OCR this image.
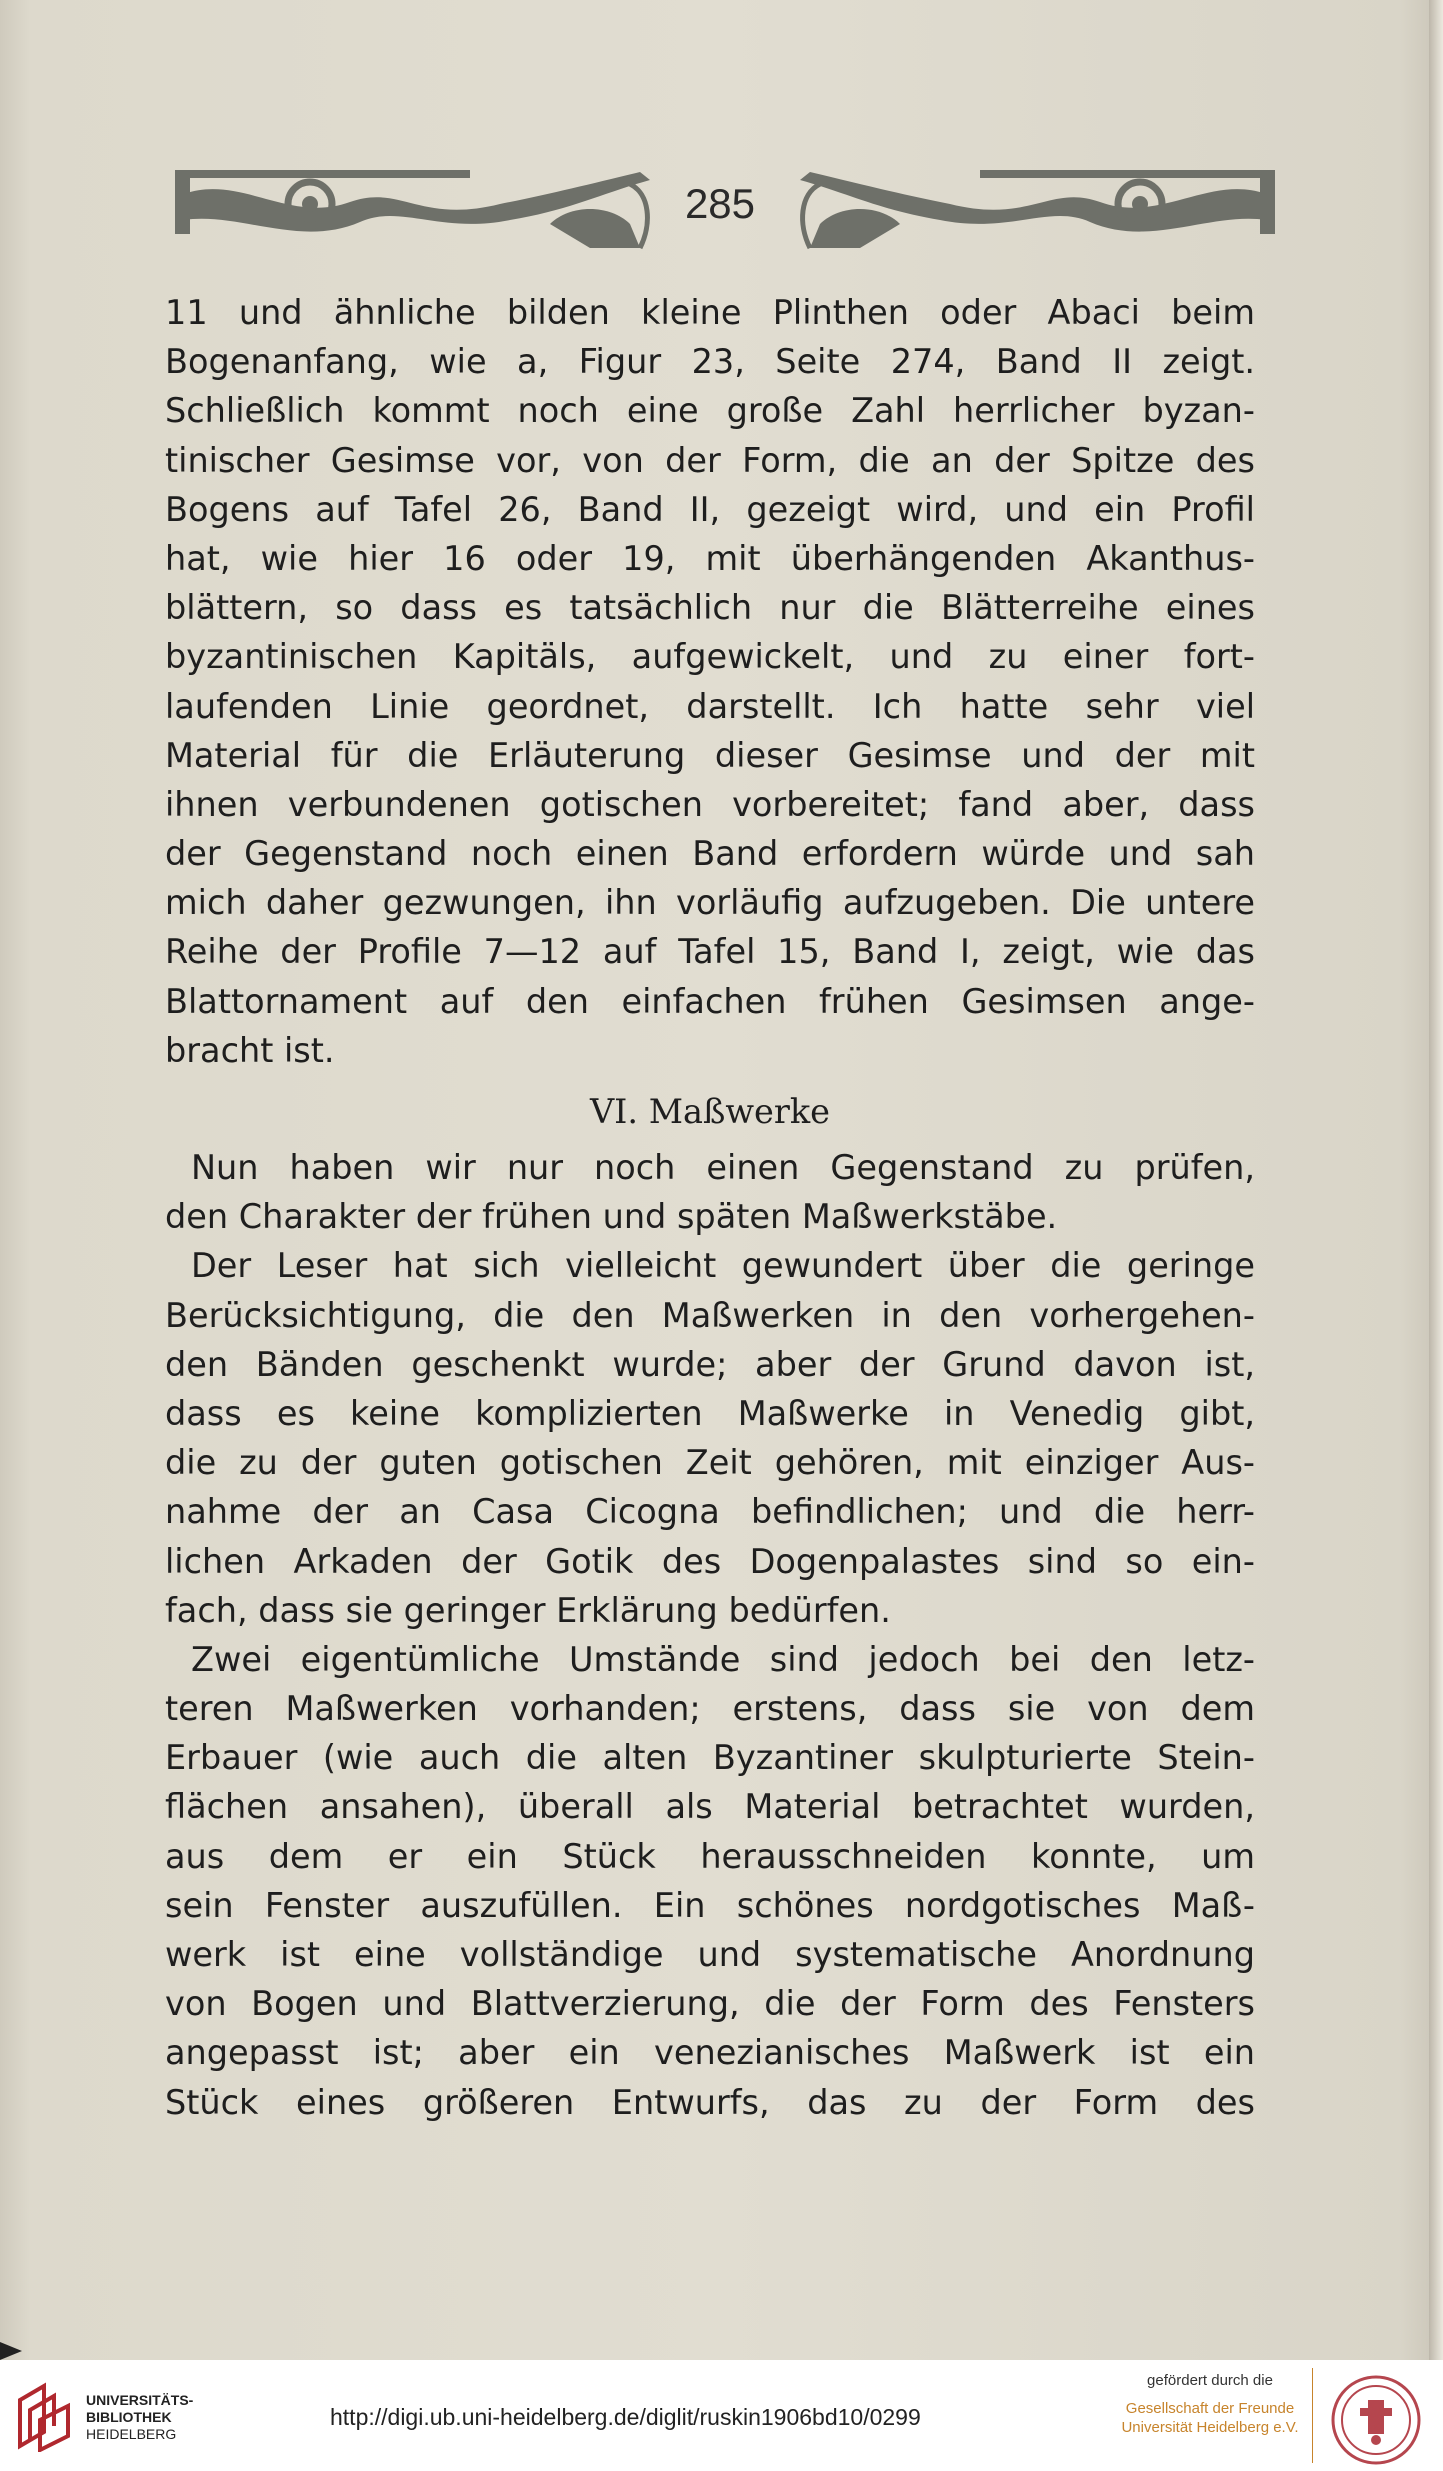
285
11 und ähnliche bilden kleine Plinthen oder Abaci beim
Bogenanfang, wie a, Figur 23, Seite 274, Band II zeigt.
Schließlich kommt noch eine große Zahl herrlicher byzan-
tinischer Gesimse vor, von der Form, die an der Spitze des
Bogens auf Tafel 26, Band II, gezeigt wird, und ein Profil
hat, wie hier 16 oder 19, mit überhängenden Akanthus-
blättern, so dass es tatsächlich nur die Blätterreihe eines
byzantinischen Kapitäls, aufgewickelt, und zu einer fort-
laufenden Linie geordnet, darstellt. Ich hatte sehr viel
Material für die Erläuterung dieser Gesimse und der mit
ihnen verbundenen gotischen vorbereitet; fand aber, dass
der Gegenstand noch einen Band erfordern würde und sah
mich daher gezwungen, ihn vorläufig aufzugeben. Die untere
Reihe der Profile 7—12 auf Tafel 15, Band I, zeigt, wie das
Blattornament auf den einfachen frühen Gesimsen ange-
bracht ist.
VI. Maßwerke
Nun haben wir nur noch einen Gegenstand zu prüfen,
den Charakter der frühen und späten Maßwerkstäbe.
Der Leser hat sich vielleicht gewundert über die geringe
Berücksichtigung, die den Maßwerken in den vorhergehen-
den Bänden geschenkt wurde; aber der Grund davon ist,
dass es keine komplizierten Maßwerke in Venedig gibt,
die zu der guten gotischen Zeit gehören, mit einziger Aus-
nahme der an Casa Cicogna befindlichen; und die herr-
lichen Arkaden der Gotik des Dogenpalastes sind so ein-
fach, dass sie geringer Erklärung bedürfen.
Zwei eigentümliche Umstände sind jedoch bei den letz-
teren Maßwerken vorhanden; erstens, dass sie von dem
Erbauer (wie auch die alten Byzantiner skulpturierte Stein-
flächen ansahen), überall als Material betrachtet wurden,
aus dem er ein Stück herausschneiden konnte, um
sein Fenster auszufüllen. Ein schönes nordgotisches Maß-
werk ist eine vollständige und systematische Anordnung
von Bogen und Blattverzierung, die der Form des Fensters
angepasst ist; aber ein venezianisches Maßwerk ist ein
Stück eines größeren Entwurfs, das zu der Form des
UNIVERSITÄTS-
BIBLIOTHEK
HEIDELBERG
http://digi.ub.uni-heidelberg.de/diglit/ruskin1906bd10/0299
gefördert durch die
Gesellschaft der Freunde
Universität Heidelberg e.V.
